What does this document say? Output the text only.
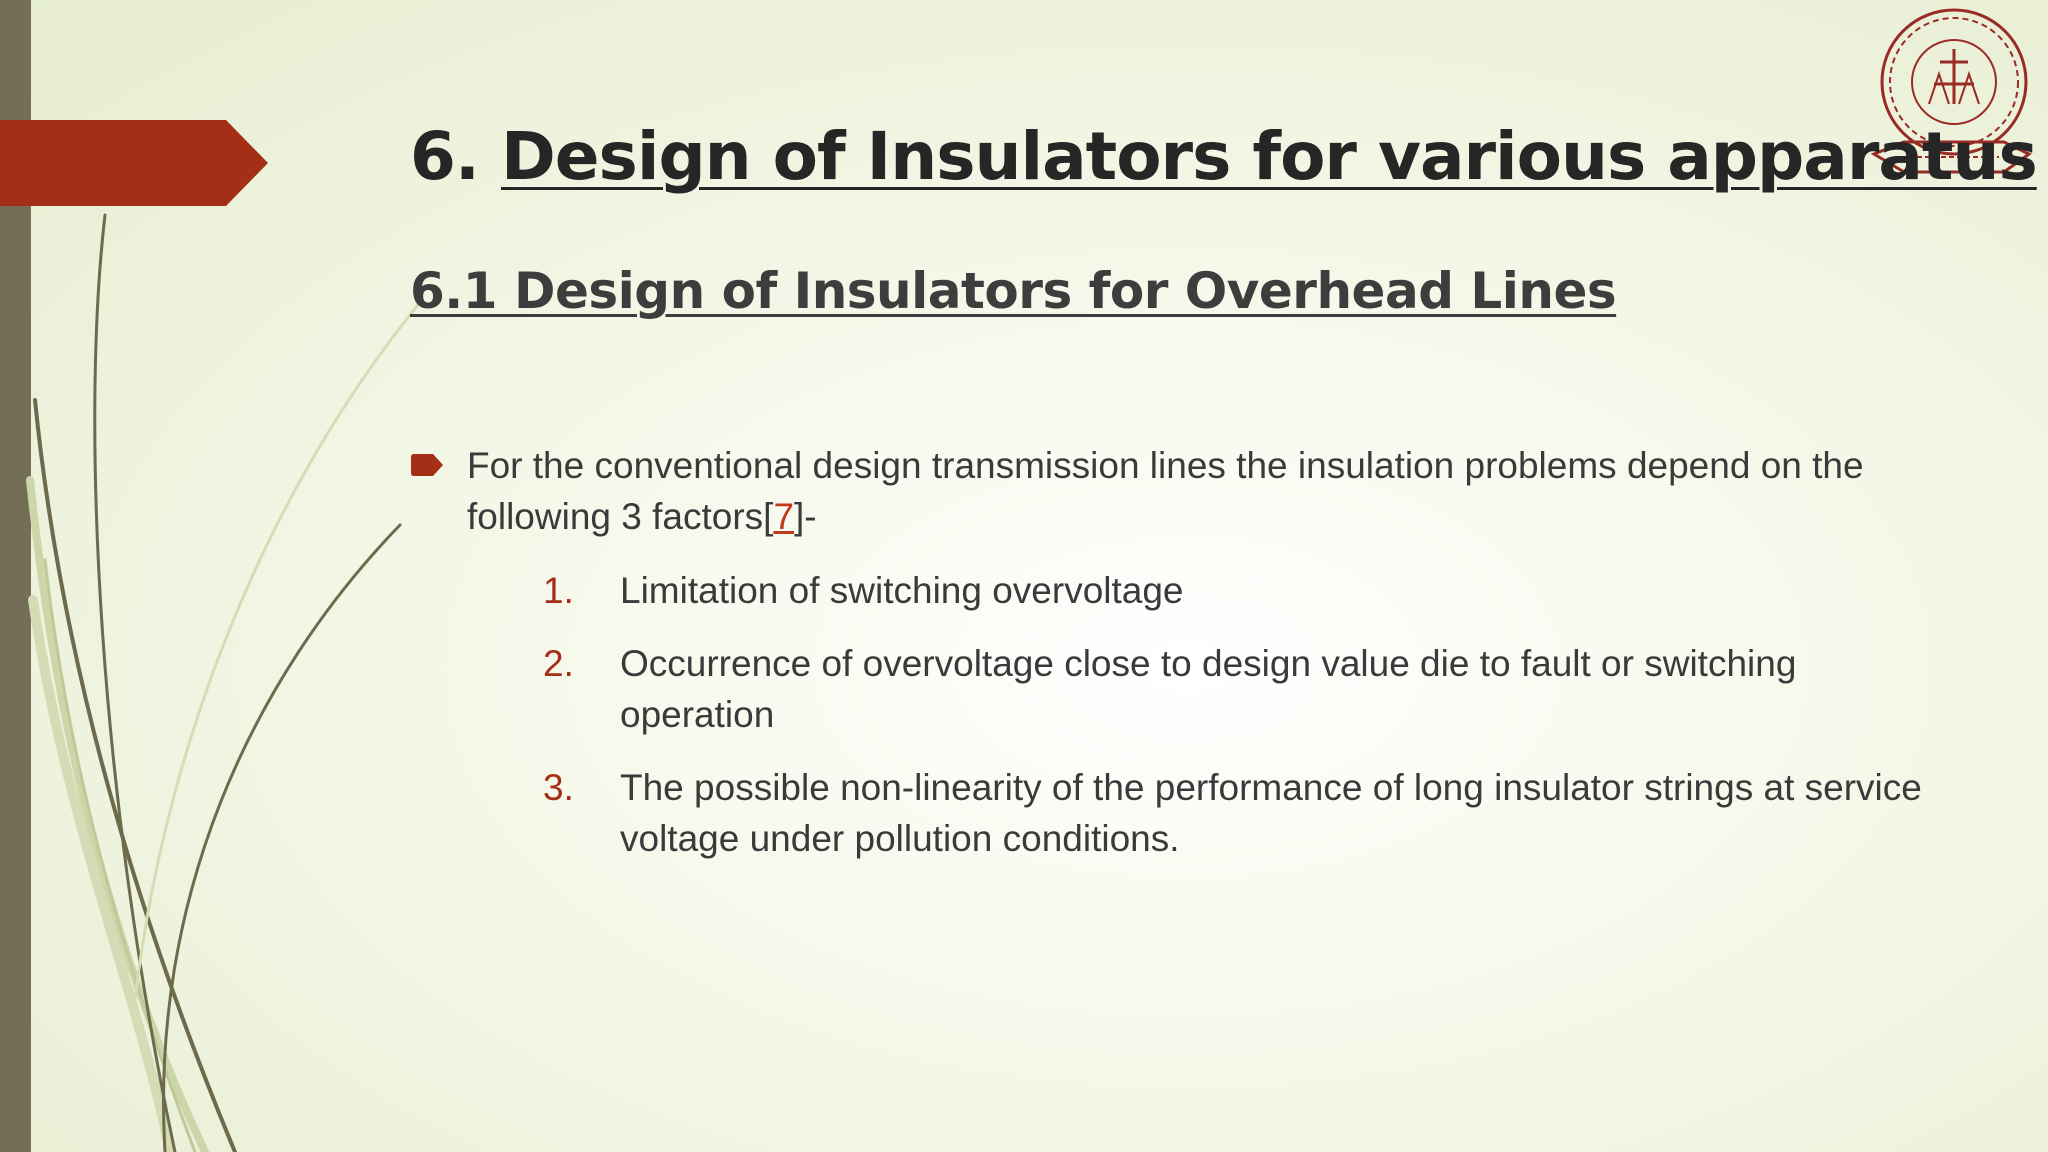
6. Design of Insulators for various apparatus
6.1 Design of Insulators for Overhead Lines
For the conventional design transmission lines the insulation problems depend on the following 3 factors[7]-
1. Limitation of switching overvoltage
2. Occurrence of overvoltage close to design value die to fault or switching operation
3. The possible non-linearity of the performance of long insulator strings at service voltage under pollution conditions.
